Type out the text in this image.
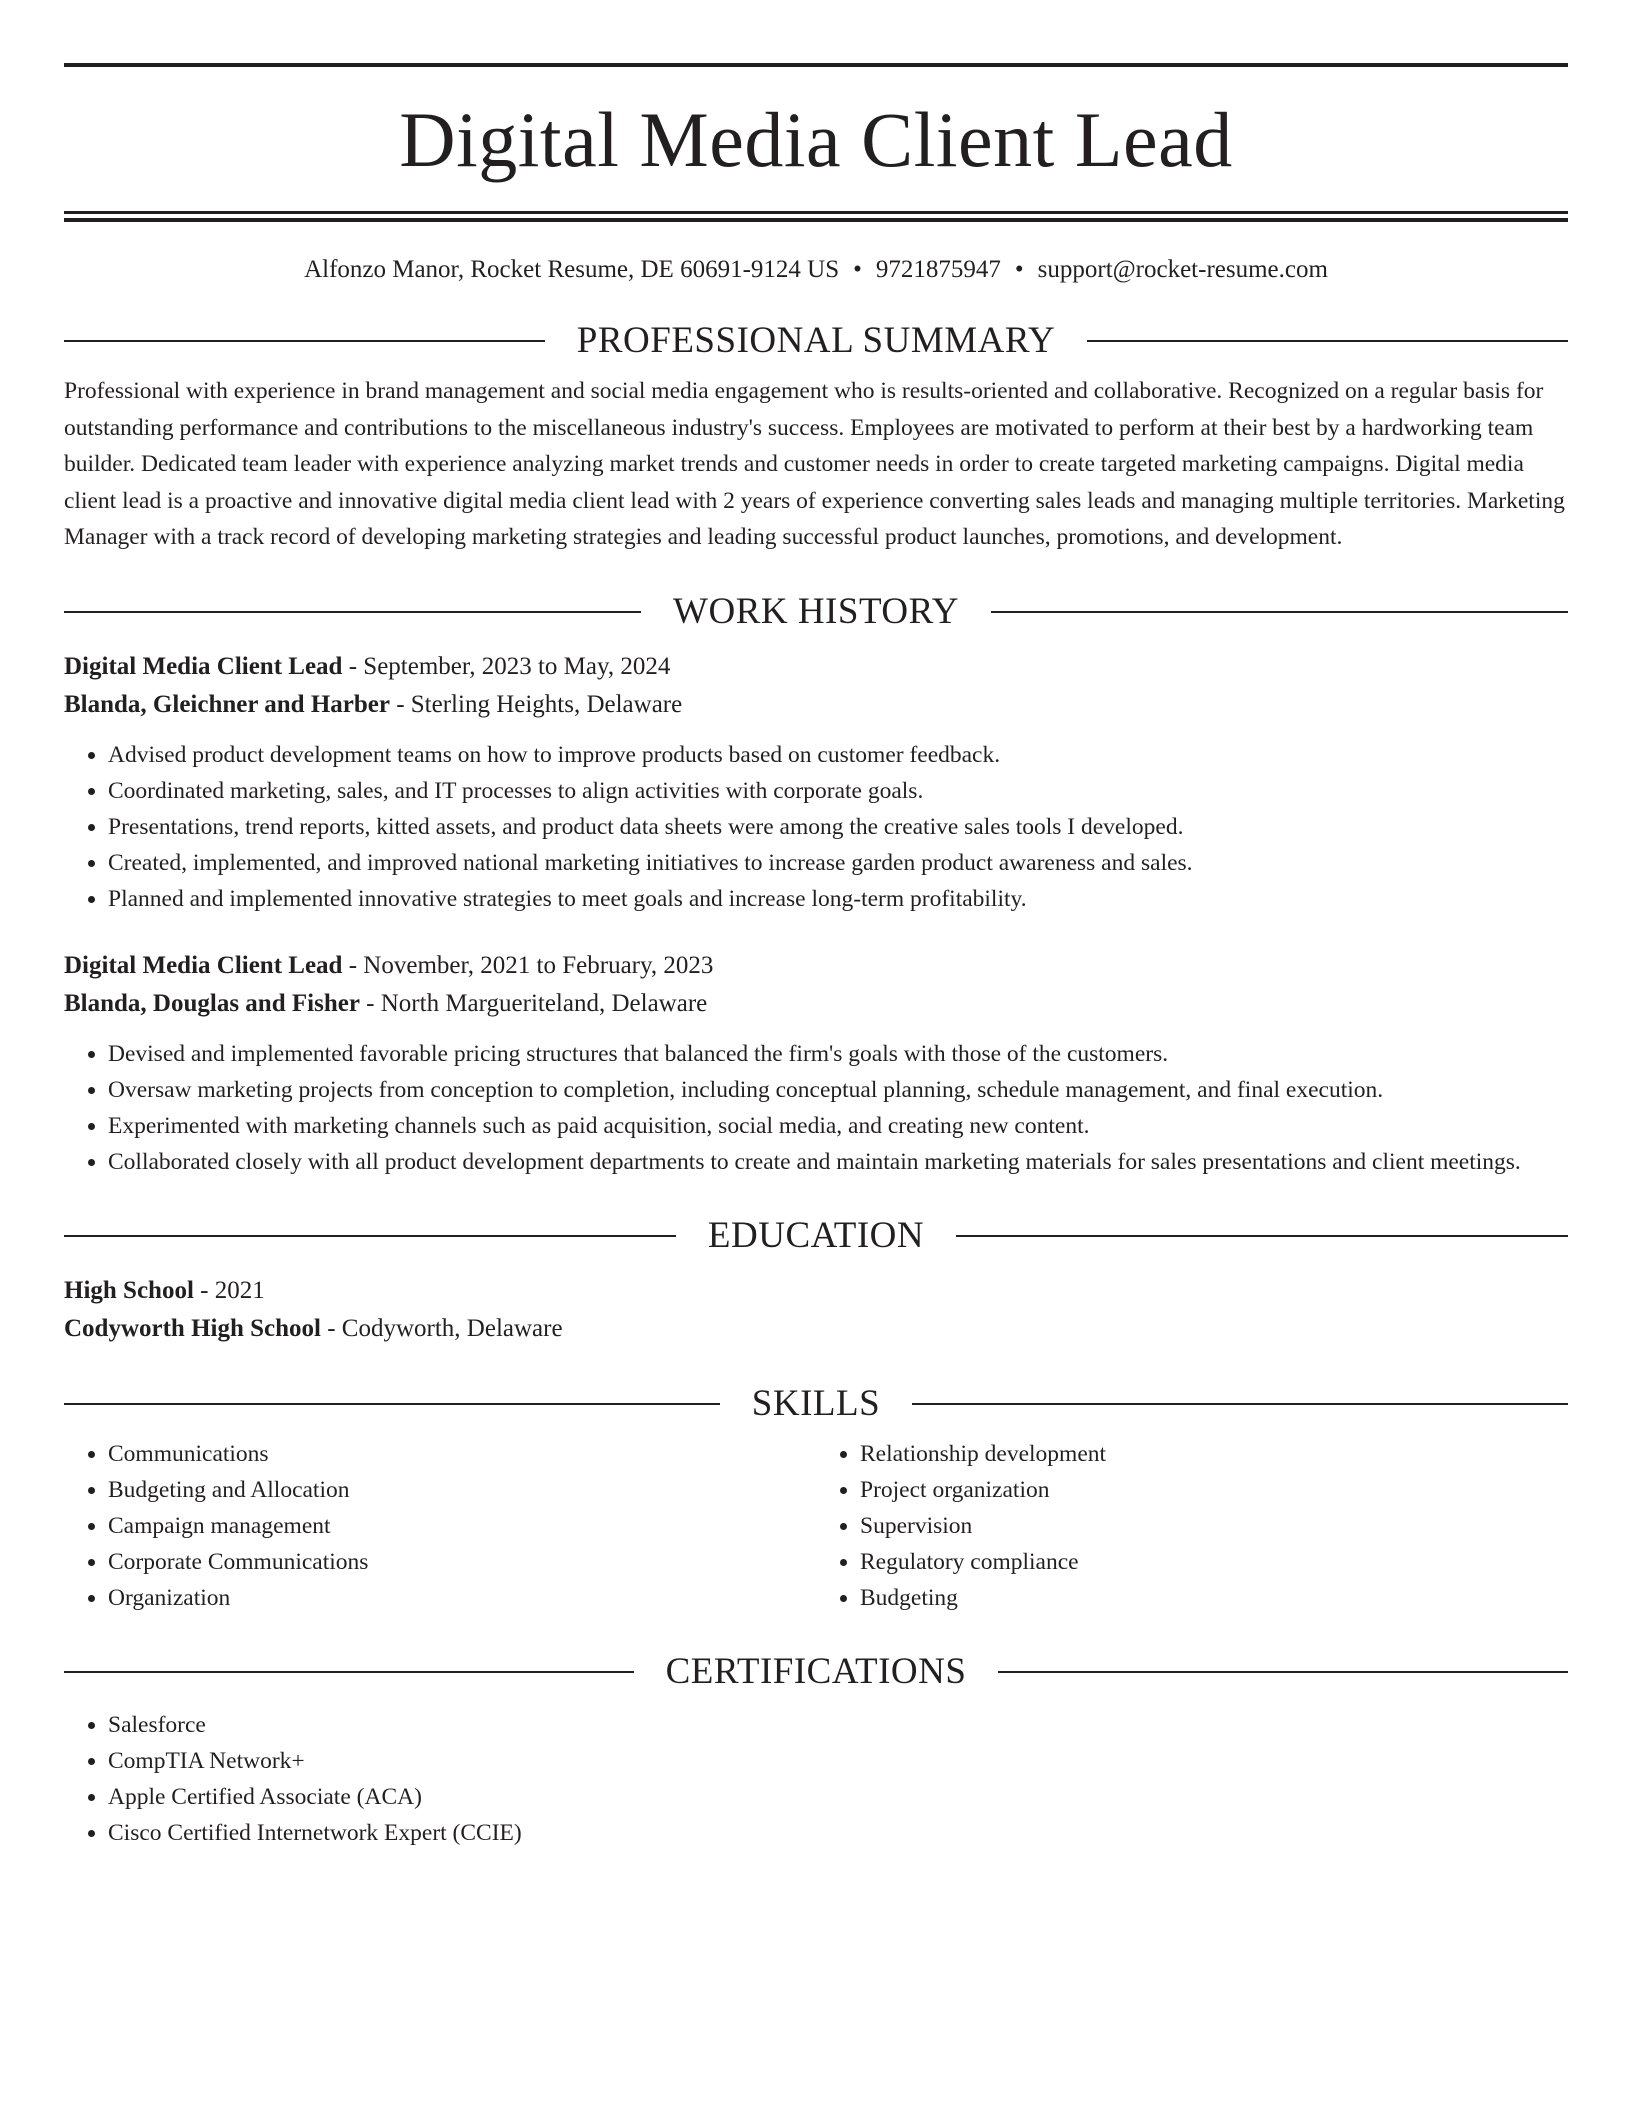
Digital Media Client Lead
Alfonzo Manor, Rocket Resume, DE 60691-9124 US • 9721875947 • support@rocket-resume.com
PROFESSIONAL SUMMARY
Professional with experience in brand management and social media engagement who is results-oriented and collaborative. Recognized on a regular basis for outstanding performance and contributions to the miscellaneous industry's success. Employees are motivated to perform at their best by a hardworking team builder. Dedicated team leader with experience analyzing market trends and customer needs in order to create targeted marketing campaigns. Digital media client lead is a proactive and innovative digital media client lead with 2 years of experience converting sales leads and managing multiple territories. Marketing Manager with a track record of developing marketing strategies and leading successful product launches, promotions, and development.
WORK HISTORY
Digital Media Client Lead - September, 2023 to May, 2024
Blanda, Gleichner and Harber - Sterling Heights, Delaware
• Advised product development teams on how to improve products based on customer feedback.
• Coordinated marketing, sales, and IT processes to align activities with corporate goals.
• Presentations, trend reports, kitted assets, and product data sheets were among the creative sales tools I developed.
• Created, implemented, and improved national marketing initiatives to increase garden product awareness and sales.
• Planned and implemented innovative strategies to meet goals and increase long-term profitability.
Digital Media Client Lead - November, 2021 to February, 2023
Blanda, Douglas and Fisher - North Margueriteland, Delaware
• Devised and implemented favorable pricing structures that balanced the firm's goals with those of the customers.
• Oversaw marketing projects from conception to completion, including conceptual planning, schedule management, and final execution.
• Experimented with marketing channels such as paid acquisition, social media, and creating new content.
• Collaborated closely with all product development departments to create and maintain marketing materials for sales presentations and client meetings.
EDUCATION
High School - 2021
Codyworth High School - Codyworth, Delaware
SKILLS
• Communications
• Budgeting and Allocation
• Campaign management
• Corporate Communications
• Organization
• Relationship development
• Project organization
• Supervision
• Regulatory compliance
• Budgeting
CERTIFICATIONS
• Salesforce
• CompTIA Network+
• Apple Certified Associate (ACA)
• Cisco Certified Internetwork Expert (CCIE)
